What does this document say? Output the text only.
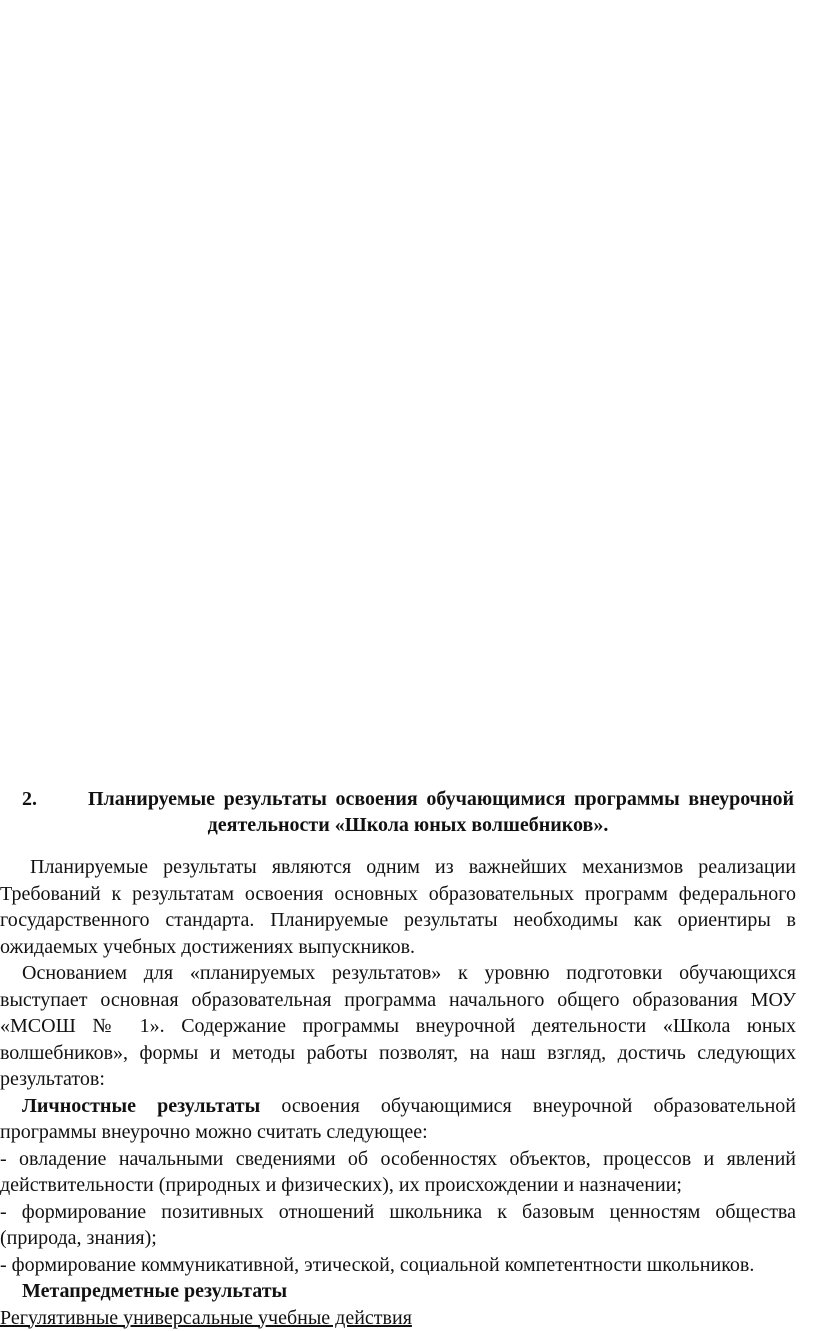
2.	Планируемые результаты освоения обучающимися программы внеурочной
деятельности «Школа юных волшебников».
Планируемые результаты являются одним из важнейших механизмов реализации
Требований к результатам освоения основных образовательных программ федерального
государственного стандарта. Планируемые результаты необходимы как ориентиры в
ожидаемых учебных достижениях выпускников.
Основанием для «планируемых результатов» к уровню подготовки обучающихся
выступает основная образовательная программа начального общего образования МОУ
«МСОШ № 1». Содержание программы внеурочной деятельности «Школа юных
волшебников», формы и методы работы позволят, на наш взгляд, достичь следующих
результатов:
Личностные результаты освоения обучающимися внеурочной образовательной
программы внеурочно можно считать следующее:
- овладение начальными сведениями об особенностях объектов, процессов и явлений
действительности (природных и физических), их происхождении и назначении;
- формирование позитивных отношений школьника к базовым ценностям общества
(природа, знания);
- формирование коммуникативной, этической, социальной компетентности школьников.
Метапредметные результаты
Регулятивные универсальные учебные действия
